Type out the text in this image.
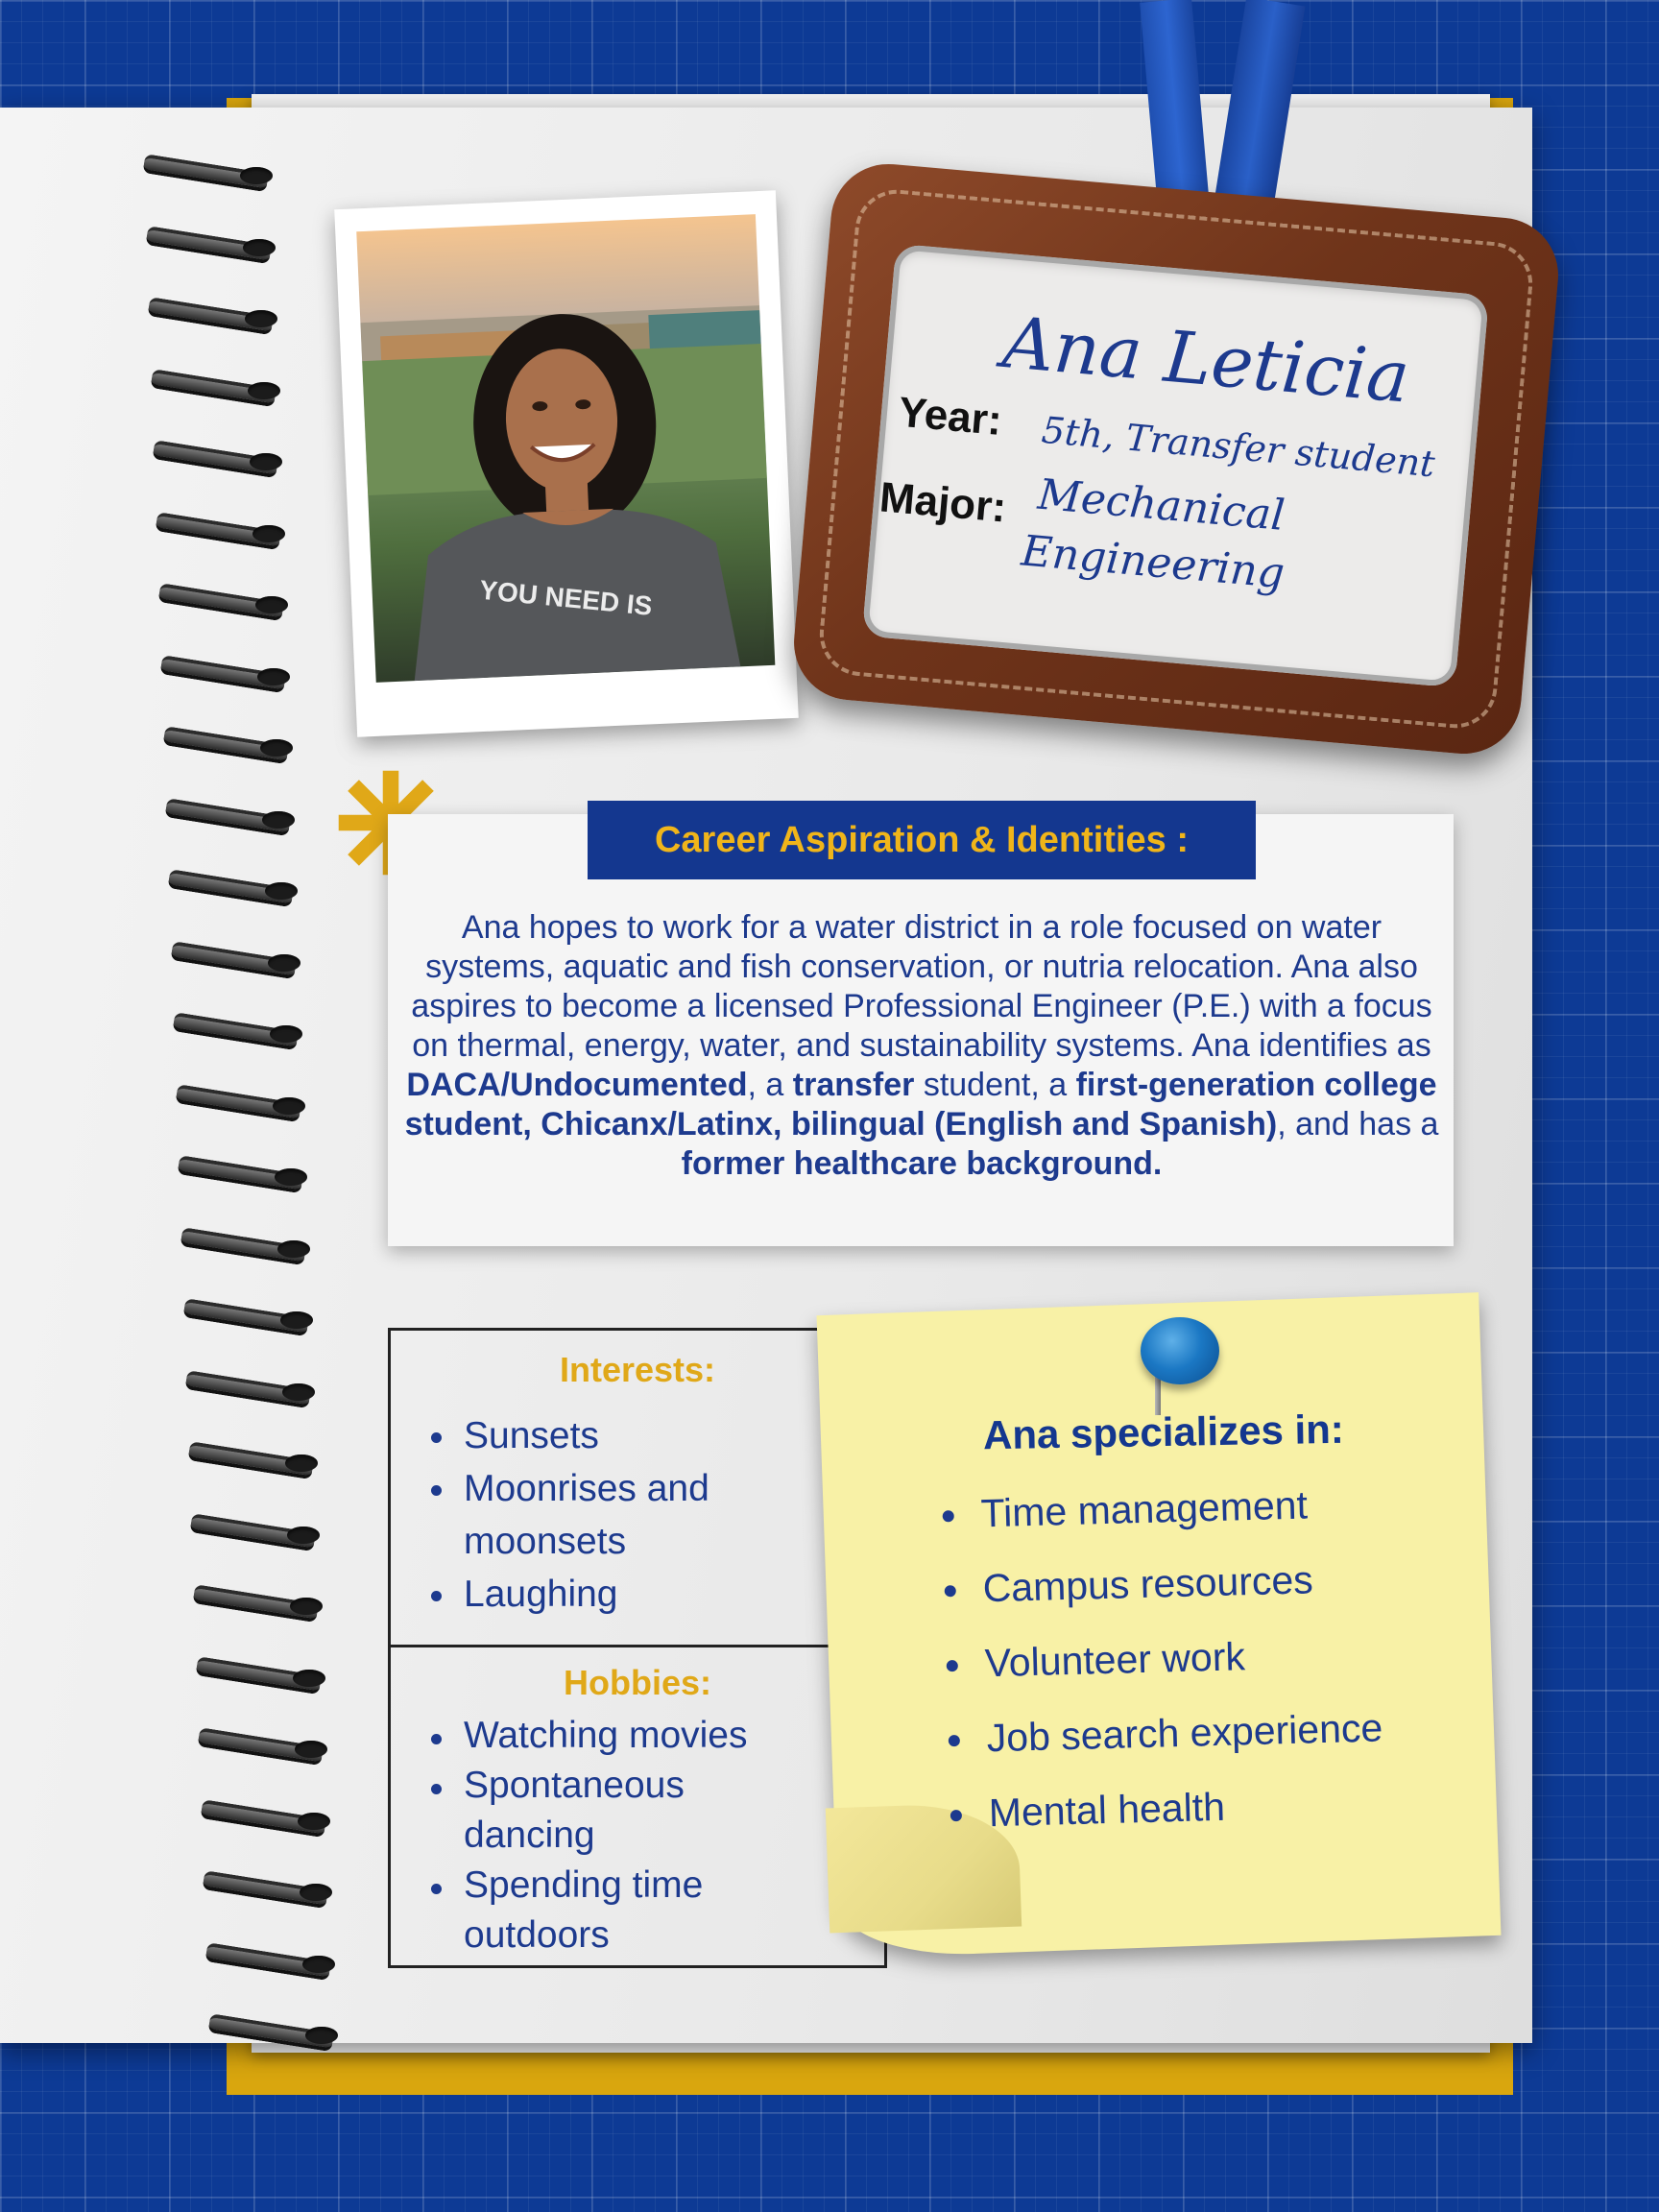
YOU NEED IS
Ana Leticia
Year: 5th, Transfer student
Major: Mechanical
Engineering
Career Aspiration & Identities :
Ana hopes to work for a water district in a role focused on water systems, aquatic and fish conservation, or nutria relocation. Ana also aspires to become a licensed Professional Engineer (P.E.) with a focus on thermal, energy, water, and sustainability systems. Ana identifies as DACA/Undocumented, a transfer student, a first-generation college student, Chicanx/Latinx, bilingual (English and Spanish), and has a former healthcare background.
Interests:
Sunsets
Moonrises and moonsets
Laughing
Hobbies:
Watching movies
Spontaneous dancing
Spending time outdoors
Ana specializes in:
Time management
Campus resources
Volunteer work
Job search experience
Mental health
